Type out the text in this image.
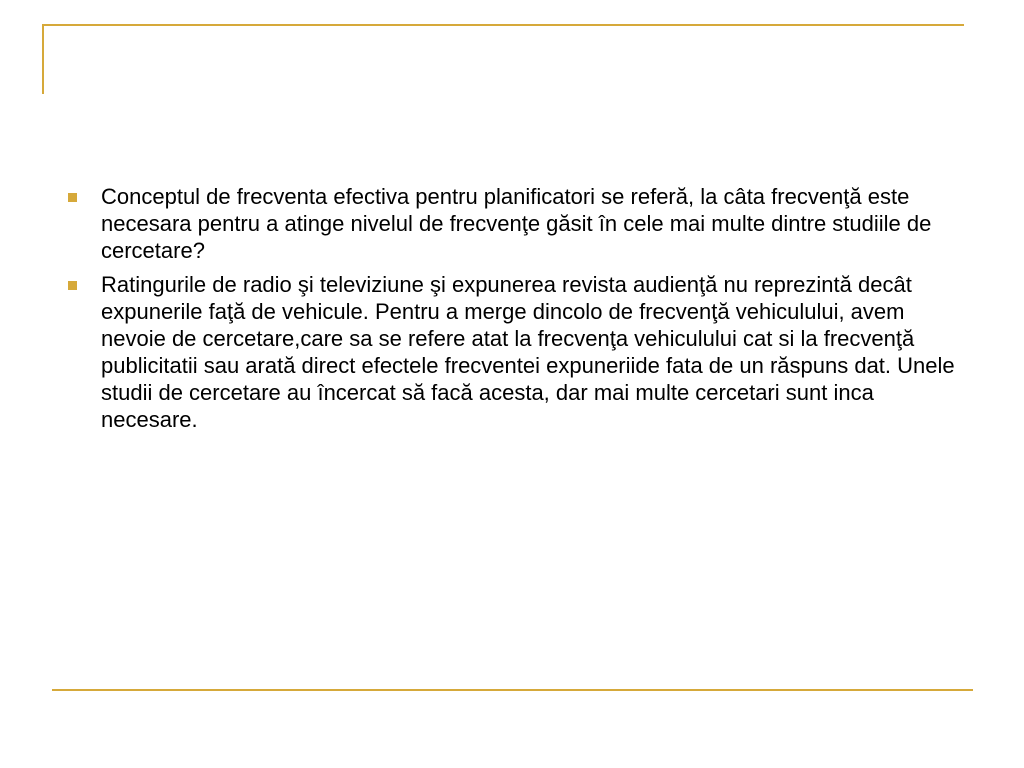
Conceptul de frecventa efectiva pentru planificatori se referă, la câta frecvenţă este necesara pentru a atinge nivelul de frecvenţe găsit în cele mai multe dintre studiile de cercetare?
Ratingurile de radio şi televiziune şi expunerea revista audienţă nu reprezintă decât expunerile faţă de vehicule. Pentru a merge dincolo de frecvenţă vehiculului, avem nevoie de cercetare,care sa se refere atat la frecvenţa vehiculului cat si la frecvenţă publicitatii sau arată direct efectele frecventei expuneriide fata de un răspuns dat. Unele studii de cercetare au încercat să facă acesta, dar mai multe cercetari sunt inca necesare.
